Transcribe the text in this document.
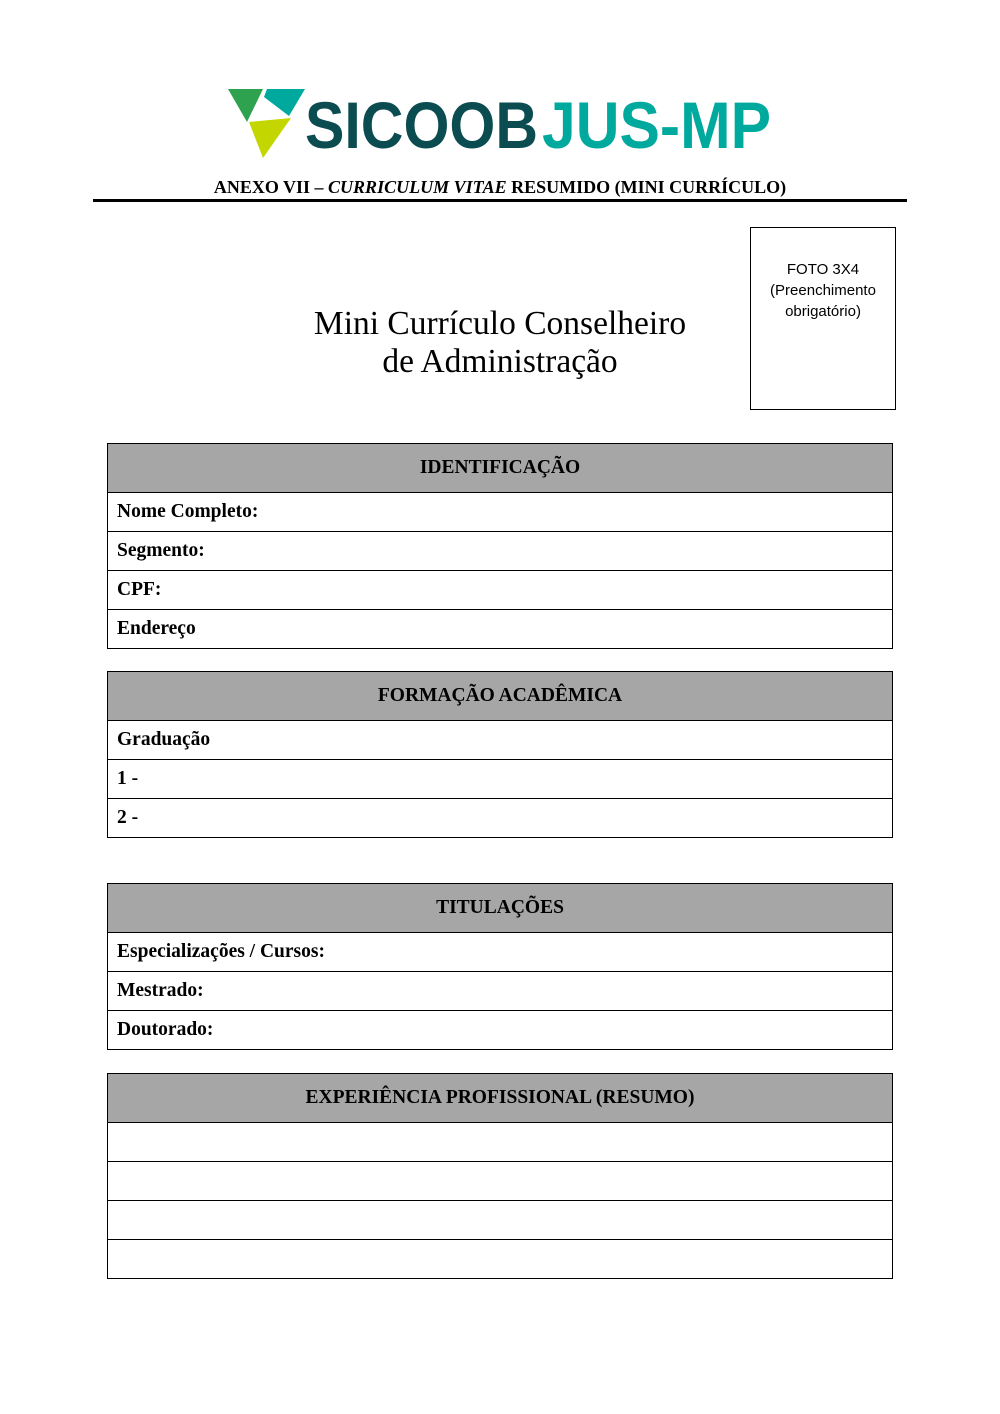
SICOOB JUS-MP
ANEXO VII – CURRICULUM VITAE RESUMIDO (MINI CURRÍCULO)
FOTO 3X4
(Preenchimento
obrigatório)
Mini Currículo Conselheiro
de Administração
IDENTIFICAÇÃO
Nome Completo:
Segmento:
CPF:
Endereço
FORMAÇÃO ACADÊMICA
Graduação
1 -
2 -
TITULAÇÕES
Especializações / Cursos:
Mestrado:
Doutorado:
EXPERIÊNCIA PROFISSIONAL (RESUMO)
